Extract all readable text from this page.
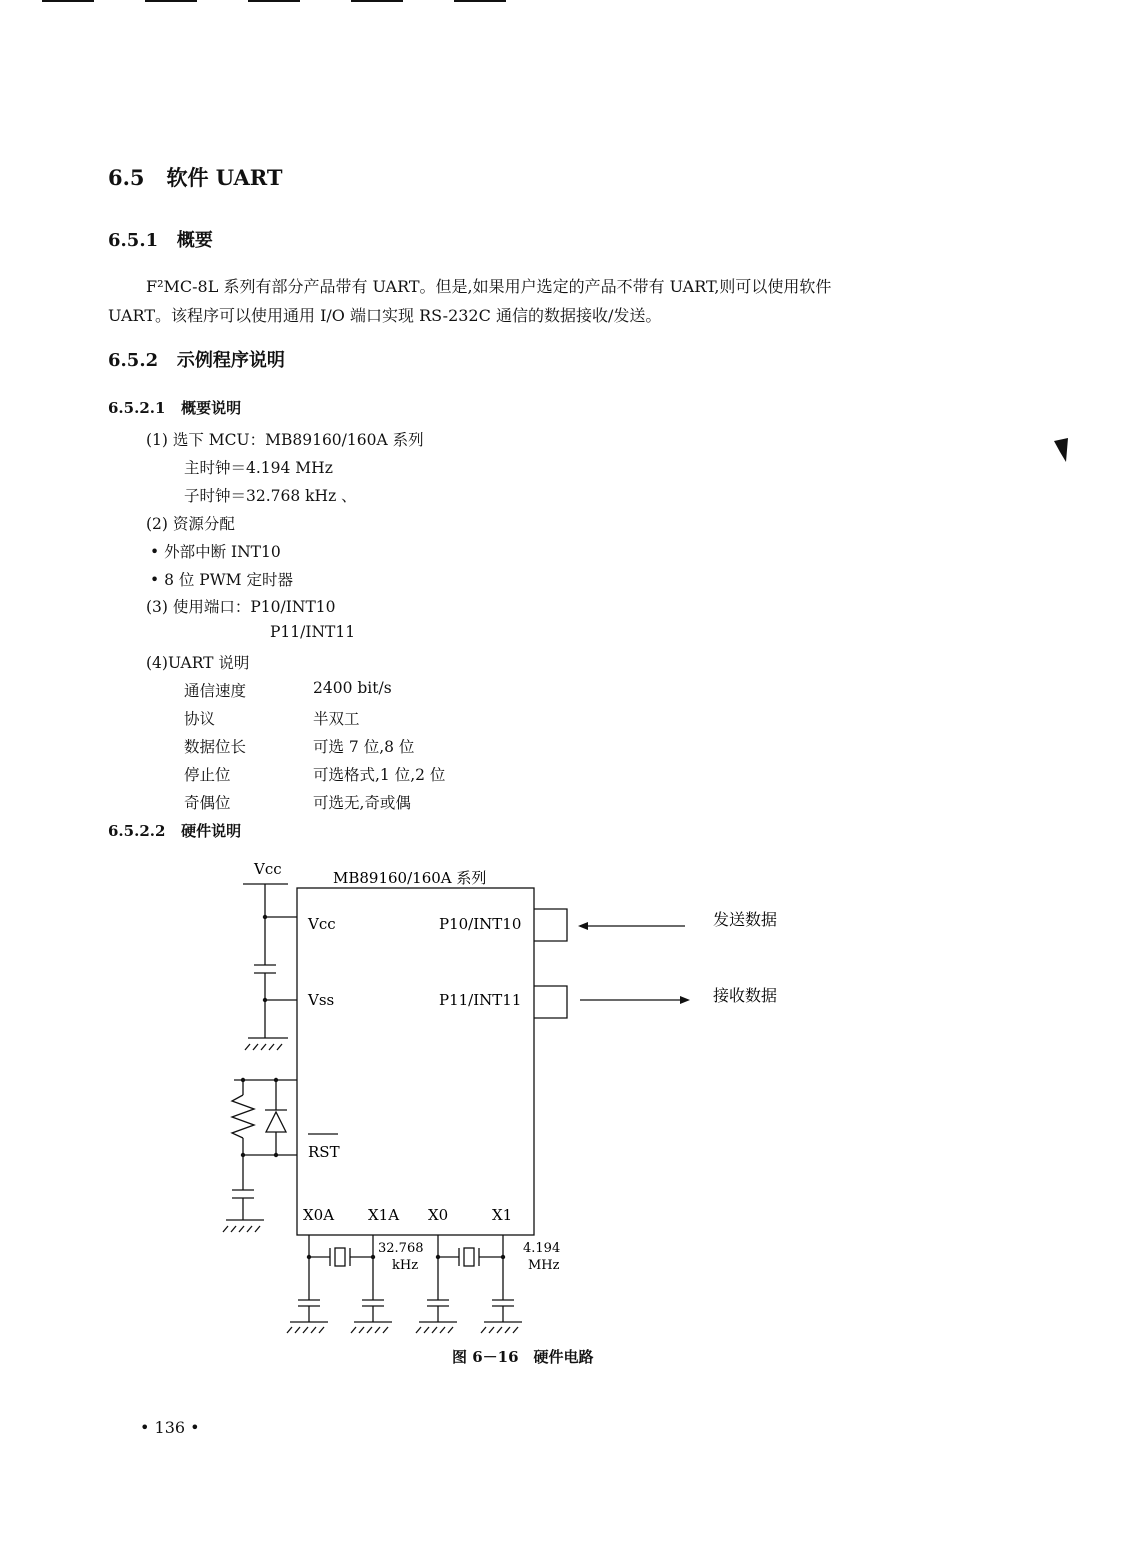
6.5 软件 UART
6.5.1 概要
F²MC-8L 系列有部分产品带有 UART。但是,如果用户选定的产品不带有 UART,则可以使用软件
UART。该程序可以使用通用 I/O 端口实现 RS-232C 通信的数据接收/发送。
6.5.2 示例程序说明
6.5.2.1 概要说明
(1) 选下 MCU：MB89160/160A 系列
主时钟＝4.194 MHz
子时钟＝32.768 kHz 、
(2) 资源分配
• 外部中断 INT10
• 8 位 PWM 定时器
(3) 使用端口：P10/INT10
P11/INT11
(4)UART 说明
通信速度	2400 bit/s
协议	半双工
数据位长	可选 7 位,8 位
停止位	可选格式,1 位,2 位
奇偶位	可选无,奇或偶
6.5.2.2 硬件说明
MB89160/160A 系列
Vcc
Vcc
Vss
RST
P10/INT10
P11/INT11
X0A X1A X0	X1
32.768
kHz
4.194
MHz
发送数据
接收数据
图 6－16　硬件电路
• 136 •
